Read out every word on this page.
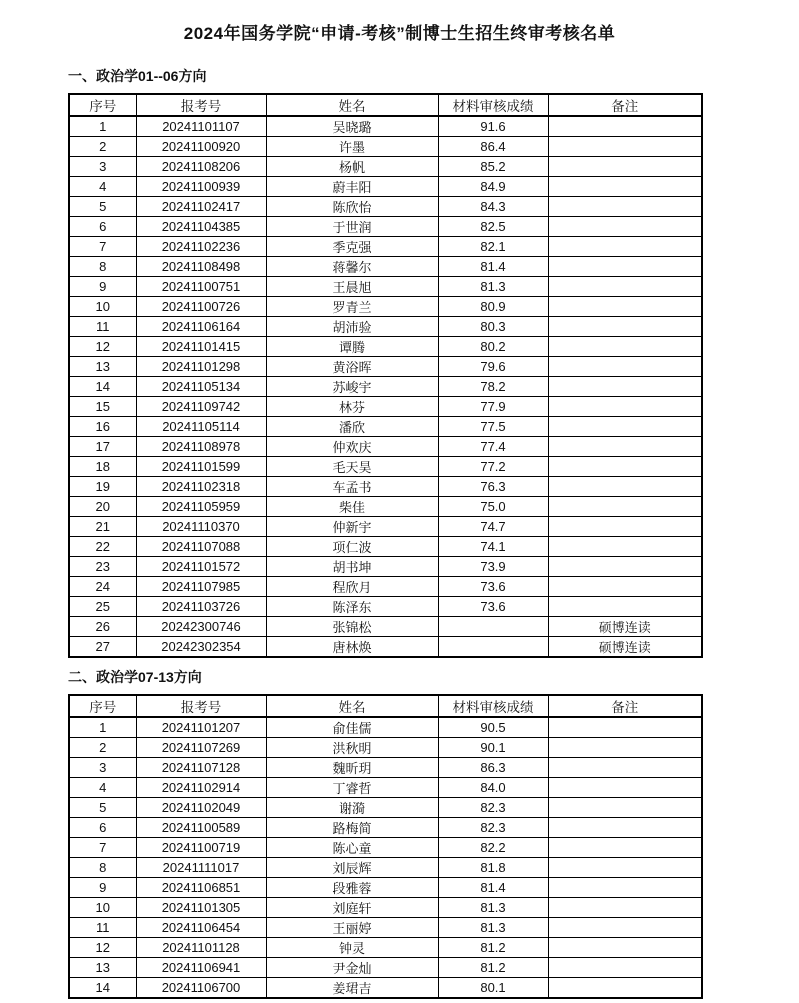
2024年国务学院“申请-考核”制博士生招生终审考核名单
一、政治学01--06方向
序号	报考号	姓名	材料审核成绩	备注
1	20241101107	吴晓璐	91.6	
2	20241100920	许墨	86.4	
3	20241108206	杨帆	85.2	
4	20241100939	蔚丰阳	84.9	
5	20241102417	陈欣怡	84.3	
6	20241104385	于世润	82.5	
7	20241102236	季克强	82.1	
8	20241108498	蒋馨尔	81.4	
9	20241100751	王晨旭	81.3	
10	20241100726	罗青兰	80.9	
11	20241106164	胡沛验	80.3	
12	20241101415	谭腾	80.2	
13	20241101298	黄浴晖	79.6	
14	20241105134	苏峻宇	78.2	
15	20241109742	林芬	77.9	
16	20241105114	潘欣	77.5	
17	20241108978	仲欢庆	77.4	
18	20241101599	毛天昊	77.2	
19	20241102318	车孟书	76.3	
20	20241105959	柴佳	75.0	
21	20241110370	仲新宇	74.7	
22	20241107088	项仁波	74.1	
23	20241101572	胡书坤	73.9	
24	20241107985	程欣月	73.6	
25	20241103726	陈泽东	73.6	
26	20242300746	张锦松		硕博连读
27	20242302354	唐林焕		硕博连读
二、政治学07-13方向
序号	报考号	姓名	材料审核成绩	备注
1	20241101207	俞佳儒	90.5	
2	20241107269	洪秋明	90.1	
3	20241107128	魏昕玥	86.3	
4	20241102914	丁睿哲	84.0	
5	20241102049	谢漪	82.3	
6	20241100589	路梅简	82.3	
7	20241100719	陈心童	82.2	
8	20241111017	刘辰辉	81.8	
9	20241106851	段雅蓉	81.4	
10	20241101305	刘庭轩	81.3	
11	20241106454	王丽婷	81.3	
12	20241101128	钟灵	81.2	
13	20241106941	尹金灿	81.2	
14	20241106700	姜珺吉	80.1	
